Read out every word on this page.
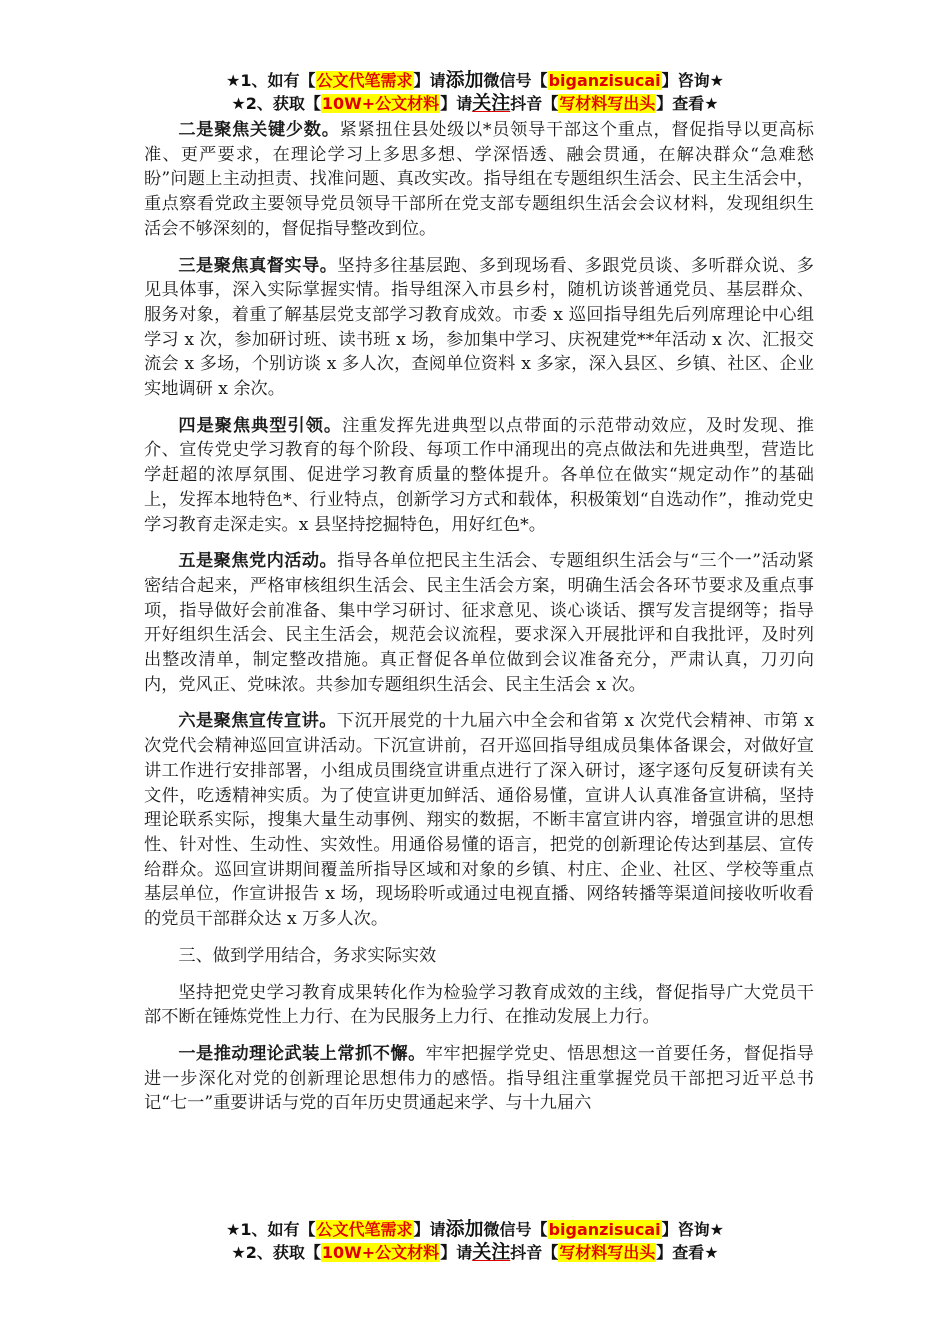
★1、如有【公文代笔需求】请添加微信号【biganzisucai】咨询★
★2、获取【10W+公文材料】请关注抖音【写材料写出头】查看★

二是聚焦关键少数。紧紧扭住县处级以*员领导干部这个重点，督促指导以更高标准、更严要求，在理论学习上多思多想、学深悟透、融会贯通，在解决群众“急难愁盼”问题上主动担责、找准问题、真改实改。指导组在专题组织生活会、民主生活会中，重点察看党政主要领导党员领导干部所在党支部专题组织生活会会议材料，发现组织生活会不够深刻的，督促指导整改到位。

三是聚焦真督实导。坚持多往基层跑、多到现场看、多跟党员谈、多听群众说、多见具体事，深入实际掌握实情。指导组深入市县乡村，随机访谈普通党员、基层群众、服务对象，着重了解基层党支部学习教育成效。市委 x 巡回指导组先后列席理论中心组学习 x 次，参加研讨班、读书班 x 场，参加集中学习、庆祝建党**年活动 x 次、汇报交流会 x 多场，个别访谈 x 多人次，查阅单位资料 x 多家，深入县区、乡镇、社区、企业实地调研 x 余次。

四是聚焦典型引领。注重发挥先进典型以点带面的示范带动效应，及时发现、推介、宣传党史学习教育的每个阶段、每项工作中涌现出的亮点做法和先进典型，营造比学赶超的浓厚氛围、促进学习教育质量的整体提升。各单位在做实“规定动作”的基础上，发挥本地特色*、行业特点，创新学习方式和载体，积极策划“自选动作”，推动党史学习教育走深走实。x 县坚持挖掘特色，用好红色*。

五是聚焦党内活动。指导各单位把民主生活会、专题组织生活会与“三个一”活动紧密结合起来，严格审核组织生活会、民主生活会方案，明确生活会各环节要求及重点事项，指导做好会前准备、集中学习研讨、征求意见、谈心谈话、撰写发言提纲等；指导开好组织生活会、民主生活会，规范会议流程，要求深入开展批评和自我批评，及时列出整改清单，制定整改措施。真正督促各单位做到会议准备充分，严肃认真，刀刃向内，党风正、党味浓。共参加专题组织生活会、民主生活会 x 次。

六是聚焦宣传宣讲。下沉开展党的十九届六中全会和省第 x 次党代会精神、市第 x 次党代会精神巡回宣讲活动。下沉宣讲前，召开巡回指导组成员集体备课会，对做好宣讲工作进行安排部署，小组成员围绕宣讲重点进行了深入研讨，逐字逐句反复研读有关文件，吃透精神实质。为了使宣讲更加鲜活、通俗易懂，宣讲人认真准备宣讲稿，坚持理论联系实际，搜集大量生动事例、翔实的数据，不断丰富宣讲内容，增强宣讲的思想性、针对性、生动性、实效性。用通俗易懂的语言，把党的创新理论传达到基层、宣传给群众。巡回宣讲期间覆盖所指导区域和对象的乡镇、村庄、企业、社区、学校等重点基层单位，作宣讲报告 x 场，现场聆听或通过电视直播、网络转播等渠道间接收听收看的党员干部群众达 x 万多人次。

三、做到学用结合，务求实际实效

坚持把党史学习教育成果转化作为检验学习教育成效的主线，督促指导广大党员干部不断在锤炼党性上力行、在为民服务上力行、在推动发展上力行。

一是推动理论武装上常抓不懈。牢牢把握学党史、悟思想这一首要任务，督促指导进一步深化对党的创新理论思想伟力的感悟。指导组注重掌握党员干部把习近平总书记“七一”重要讲话与党的百年历史贯通起来学、与十九届六

★1、如有【公文代笔需求】请添加微信号【biganzisucai】咨询★
★2、获取【10W+公文材料】请关注抖音【写材料写出头】查看★
